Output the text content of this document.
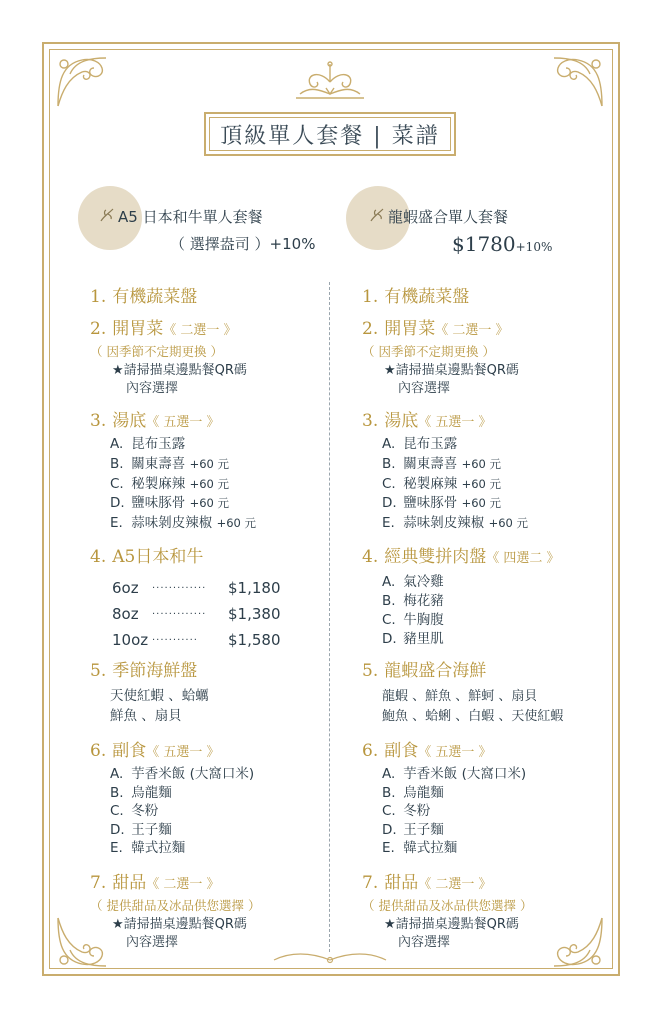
頂級單人套餐 | 菜譜
A5 日本和牛單人套餐
（ 選擇盎司 ）+10%
龍蝦盛合單人套餐
$1780+10%
1. 有機蔬菜盤
2. 開胃菜《 二選一 》
（ 因季節不定期更換 ）
★請掃描桌邊點餐QR碼
內容選擇
3. 湯底《 五選一 》
A. 昆布玉露
B. 關東壽喜 +60 元
C. 秘製麻辣 +60 元
D. 鹽味豚骨 +60 元
E. 蒜味剝皮辣椒 +60 元
4. A5日本和牛
6oz	·············	$1,180
8oz	·············	$1,380
10oz ···········	$1,580
5. 季節海鮮盤
天使紅蝦 、蛤蠣
鮮魚 、扇貝
6. 副食《 五選一 》
A. 芋香米飯 (大窩口米)
B. 烏龍麵
C. 冬粉
D. 王子麵
E. 韓式拉麵
7. 甜品《 二選一 》
（ 提供甜品及冰品供您選擇 ）
★請掃描桌邊點餐QR碼
內容選擇
1. 有機蔬菜盤
2. 開胃菜《 二選一 》
（ 因季節不定期更換 ）
★請掃描桌邊點餐QR碼
內容選擇
3. 湯底《 五選一 》
A. 昆布玉露
B. 關東壽喜 +60 元
C. 秘製麻辣 +60 元
D. 鹽味豚骨 +60 元
E. 蒜味剝皮辣椒 +60 元
4. 經典雙拼肉盤《 四選二 》
A. 氣冷雞
B. 梅花豬
C. 牛胸腹
D. 豬里肌
5. 龍蝦盛合海鮮
龍蝦 、鮮魚 、鮮蚵 、扇貝
鮑魚 、蛤蜊 、白蝦 、天使紅蝦
6. 副食《 五選一 》
A. 芋香米飯 (大窩口米)
B. 烏龍麵
C. 冬粉
D. 王子麵
E. 韓式拉麵
7. 甜品《 二選一 》
（ 提供甜品及冰品供您選擇 ）
★請掃描桌邊點餐QR碼
內容選擇
